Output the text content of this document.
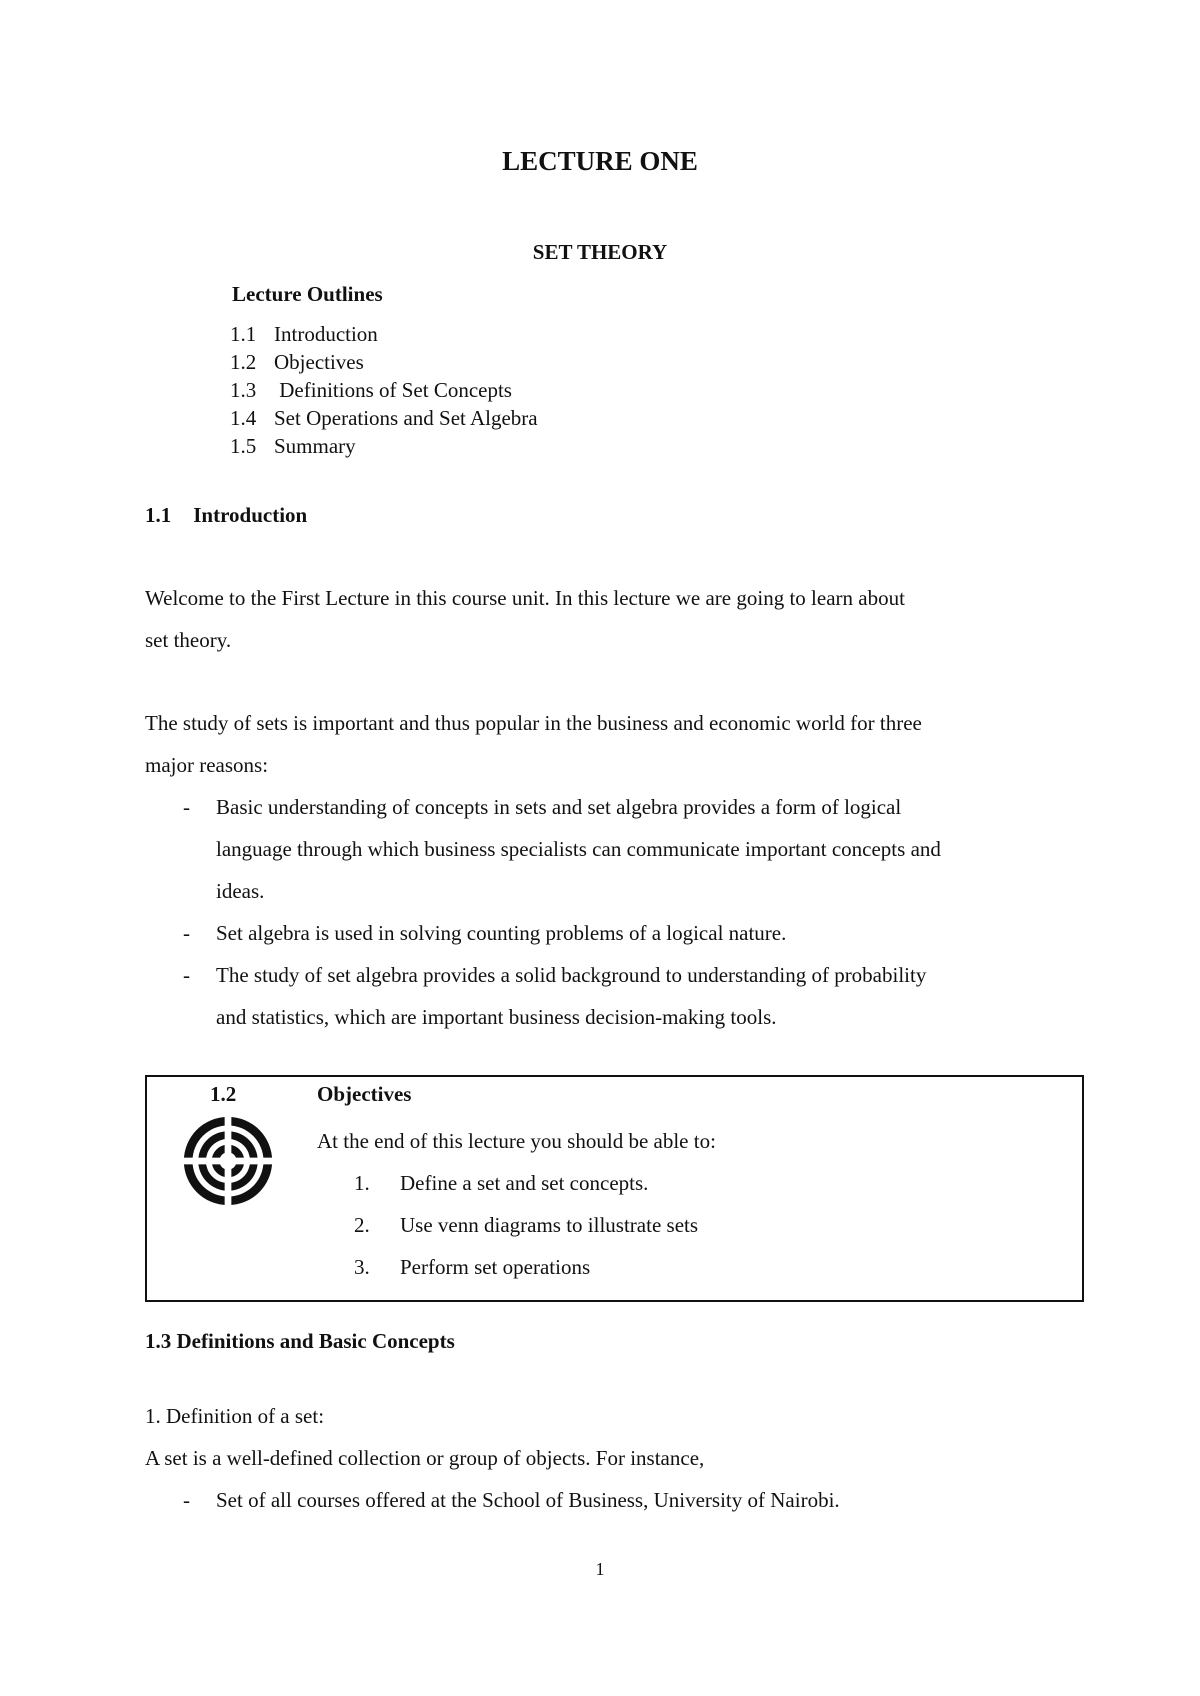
LECTURE ONE
SET THEORY
Lecture Outlines
1.1 Introduction
1.2 Objectives
1.3 Definitions of Set Concepts
1.4 Set Operations and Set Algebra
1.5 Summary
1.1 Introduction
Welcome to the First Lecture in this course unit. In this lecture we are going to learn about
set theory.
The study of sets is important and thus popular in the business and economic world for three
major reasons:
- Basic understanding of concepts in sets and set algebra provides a form of logical
language through which business specialists can communicate important concepts and
ideas.
- Set algebra is used in solving counting problems of a logical nature.
- The study of set algebra provides a solid background to understanding of probability
and statistics, which are important business decision-making tools.
1.2	Objectives
At the end of this lecture you should be able to:
1. Define a set and set concepts.
2. Use venn diagrams to illustrate sets
3. Perform set operations
1.3 Definitions and Basic Concepts
1. Definition of a set:
A set is a well-defined collection or group of objects. For instance,
- Set of all courses offered at the School of Business, University of Nairobi.
1
